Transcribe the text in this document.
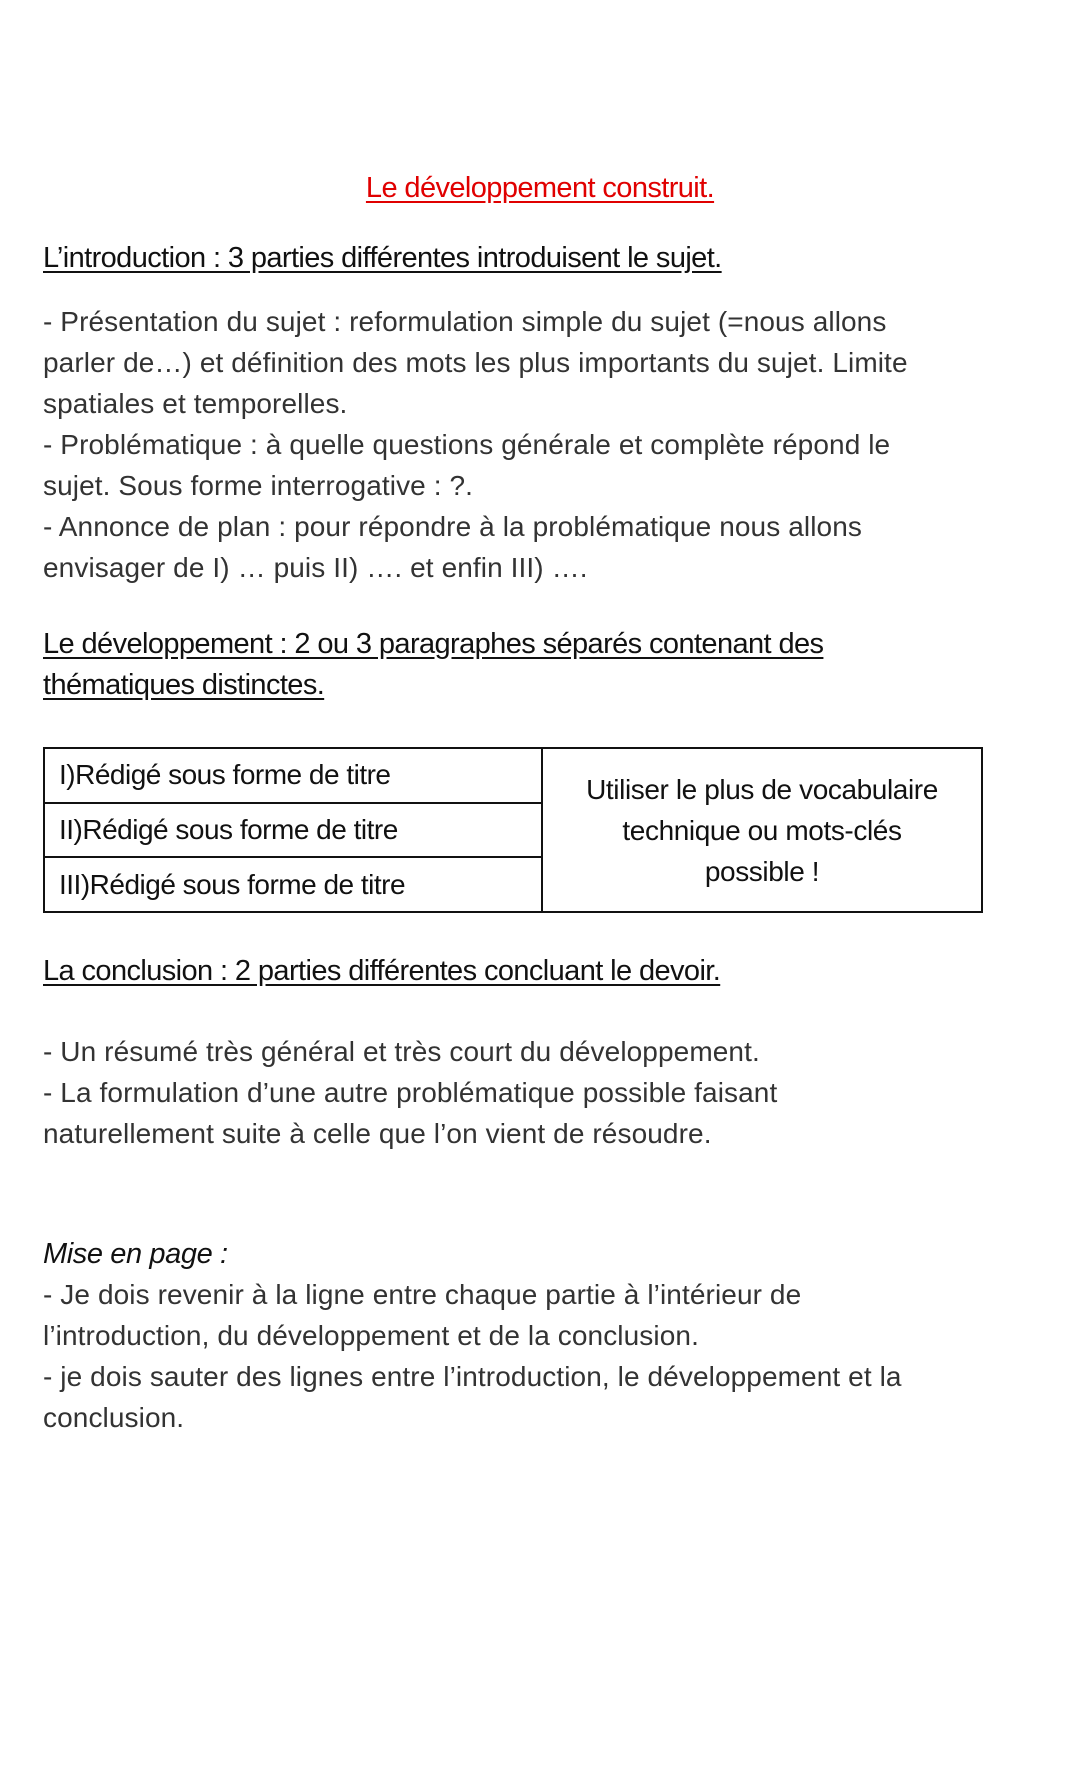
Le développement construit.
L’introduction : 3 parties différentes introduisent le sujet.
- Présentation du sujet : reformulation simple du sujet (=nous allons
parler de…) et définition des mots les plus importants du sujet. Limite
spatiales et temporelles.
- Problématique : à quelle questions générale et complète répond le
sujet. Sous forme interrogative : ?.
- Annonce de plan : pour répondre à la problématique nous allons
envisager de I) … puis II) …. et enfin III) ….
Le développement : 2 ou 3 paragraphes séparés contenant des
thématiques distinctes.
I)Rédigé sous forme de titre
II)Rédigé sous forme de titre
III)Rédigé sous forme de titre
Utiliser le plus de vocabulaire
technique ou mots-clés
possible !
La conclusion : 2 parties différentes concluant le devoir.
- Un résumé très général et très court du développement.
- La formulation d’une autre problématique possible faisant
naturellement suite à celle que l’on vient de résoudre.
Mise en page :
- Je dois revenir à la ligne entre chaque partie à l’intérieur de
l’introduction, du développement et de la conclusion.
- je dois sauter des lignes entre l’introduction, le développement et la
conclusion.
